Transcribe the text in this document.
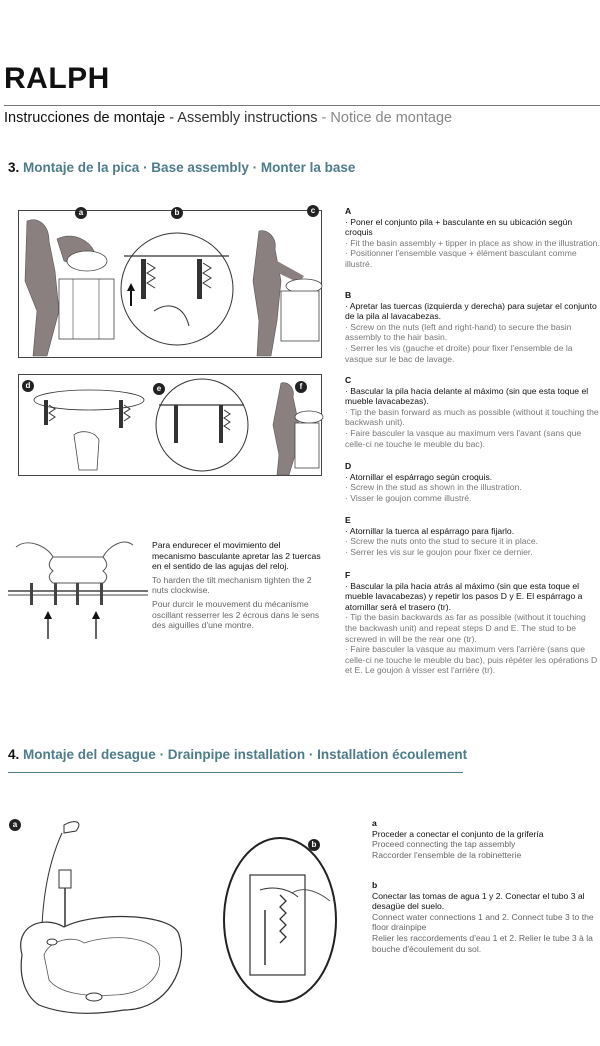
RALPH
Instrucciones de montaje - Assembly instructions - Notice de montage
3. Montaje de la pica · Base assembly · Monter la base
a	b	c
d	e	f
Para endurecer el movimiento del mecanismo basculante apretar las 2 tuercas en el sentido de las agujas del reloj.
To harden the tilt mechanism tighten the 2 nuts clockwise.
Pour durcir le mouvement du mécanisme oscillant resserrer les 2 écrous dans le sens des aiguilles d'une montre.
A
· Poner el conjunto pila + basculante en su ubicación según croquis
· Fit the basin assembly + tipper in place as show in the illustration.
· Positionner l'ensemble vasque + élément basculant comme illustré.
B
· Apretar las tuercas (izquierda y derecha) para sujetar el conjunto de la pila al lavacabezas.
· Screw on the nuts (left and right-hand) to secure the basin assembly to the hair basin.
· Serrer les vis (gauche et droite) pour fixer l'ensemble de la vasque sur le bac de lavage.
C
· Bascular la pila hacia delante al máximo (sin que esta toque el mueble lavacabezas).
· Tip the basin forward as much as possible (without it touching the backwash unit).
· Faire basculer la vasque au maximum vers l'avant (sans que celle-ci ne touche le meuble du bac).
D
· Atornillar el espárrago según croquis.
· Screw in the stud as shown in the illustration.
· Visser le goujon comme illustré.
E
· Atornillar la tuerca al espárrago para fijarlo.
· Screw the nuts onto the stud to secure it in place.
· Serrer les vis sur le goujon pour fixer ce dernier.
F
· Bascular la pila hacia atrás al máximo (sin que esta toque el mueble lavacabezas) y repetir los pasos D y E. El espárrago a atornillar será el trasero (tr).
· Tip the basin backwards as far as possible (without it touching the backwash unit) and repeat steps D and E. The stud to be screwed in will be the rear one (tr).
· Faire basculer la vasque au maximum vers l'arrière (sans que celle-ci ne touche le meuble du bac), puis répéter les opérations D et E. Le goujon à visser est l'arrière (tr).
4. Montaje del desague · Drainpipe installation · Installation écoulement
a
b
a
Proceder a conectar el conjunto de la grifería
Proceed connecting the tap assembly
Raccorder l'ensemble de la robinetterie
b
Conectar las tomas de agua 1 y 2. Conectar el tubo 3 al desagüe del suelo.
Connect water connections 1 and 2. Connect tube 3 to the floor drainpipe
Relier les raccordements d'eau 1 et 2. Relier le tube 3 à la bouche d'écoulement du sol.
